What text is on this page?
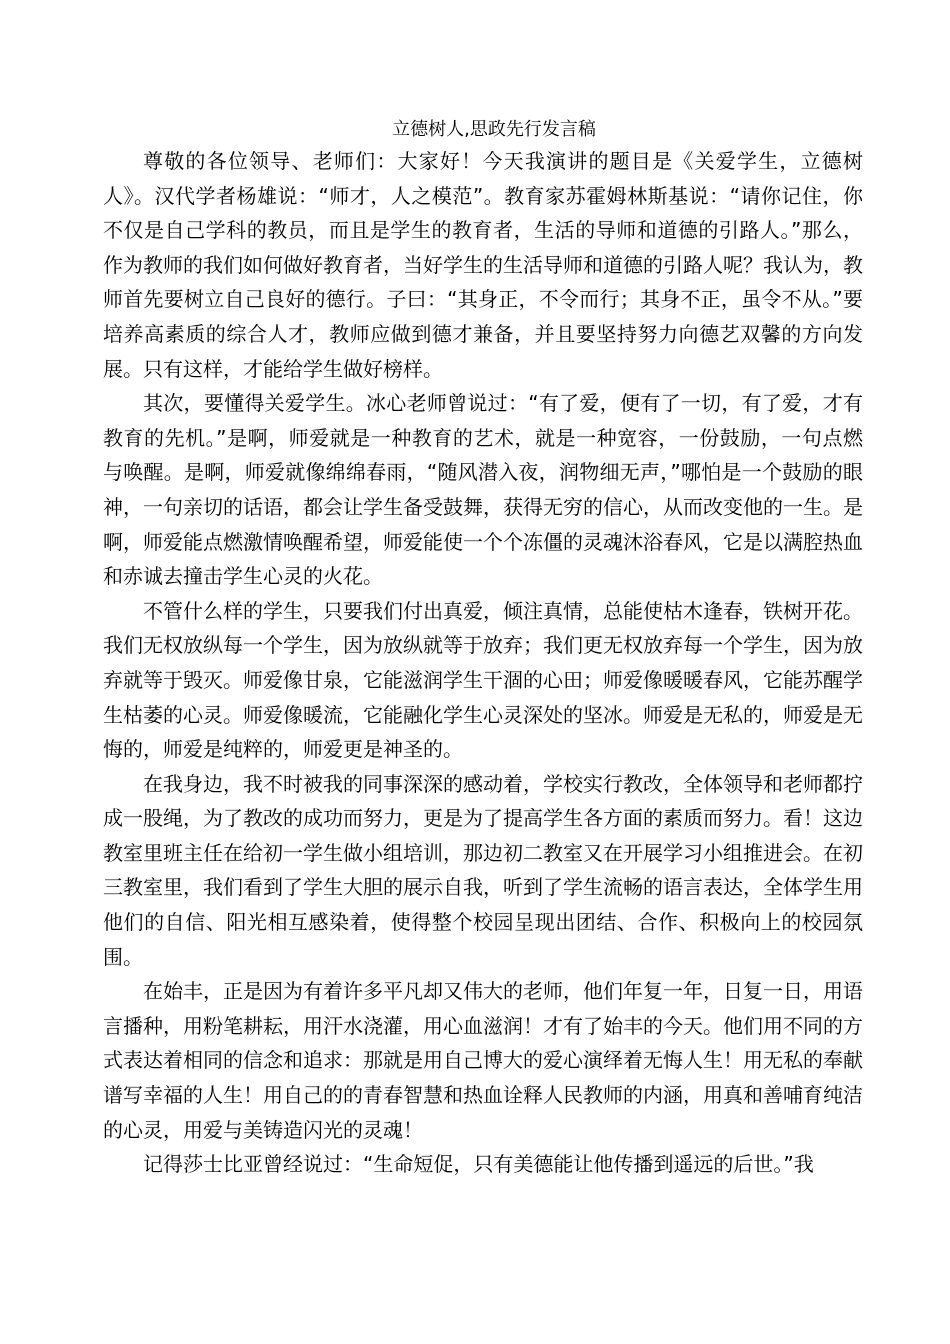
立德树人,思政先行发言稿

尊敬的各位领导、老师们：大家好！今天我演讲的题目是《关爱学生，立德树人》。汉代学者杨雄说：“师才，人之模范”。教育家苏霍姆林斯基说：“请你记住，你不仅是自己学科的教员，而且是学生的教育者，生活的导师和道德的引路人。”那么，作为教师的我们如何做好教育者，当好学生的生活导师和道德的引路人呢？我认为，教师首先要树立自己良好的德行。子曰：“其身正，不令而行；其身不正，虽令不从。”要培养高素质的综合人才，教师应做到德才兼备，并且要坚持努力向德艺双馨的方向发展。只有这样，才能给学生做好榜样。

其次，要懂得关爱学生。冰心老师曾说过：“有了爱，便有了一切，有了爱，才有教育的先机。”是啊，师爱就是一种教育的艺术，就是一种宽容，一份鼓励，一句点燃与唤醒。是啊，师爱就像绵绵春雨，“随风潜入夜，润物细无声，”哪怕是一个鼓励的眼神，一句亲切的话语，都会让学生备受鼓舞，获得无穷的信心，从而改变他的一生。是啊，师爱能点燃激情唤醒希望，师爱能使一个个冻僵的灵魂沐浴春风，它是以满腔热血和赤诚去撞击学生心灵的火花。

不管什么样的学生，只要我们付出真爱，倾注真情，总能使枯木逢春，铁树开花。我们无权放纵每一个学生，因为放纵就等于放弃；我们更无权放弃每一个学生，因为放弃就等于毁灭。师爱像甘泉，它能滋润学生干涸的心田；师爱像暖暖春风，它能苏醒学生枯萎的心灵。师爱像暖流，它能融化学生心灵深处的坚冰。师爱是无私的，师爱是无悔的，师爱是纯粹的，师爱更是神圣的。

在我身边，我不时被我的同事深深的感动着，学校实行教改，全体领导和老师都拧成一股绳，为了教改的成功而努力，更是为了提高学生各方面的素质而努力。看！这边教室里班主任在给初一学生做小组培训，那边初二教室又在开展学习小组推进会。在初三教室里，我们看到了学生大胆的展示自我，听到了学生流畅的语言表达，全体学生用他们的自信、阳光相互感染着，使得整个校园呈现出团结、合作、积极向上的校园氛围。

在始丰，正是因为有着许多平凡却又伟大的老师，他们年复一年，日复一日，用语言播种，用粉笔耕耘，用汗水浇灌，用心血滋润！才有了始丰的今天。他们用不同的方式表达着相同的信念和追求：那就是用自己博大的爱心演绎着无悔人生！用无私的奉献谱写幸福的人生！用自己的的青春智慧和热血诠释人民教师的内涵，用真和善哺育纯洁的心灵，用爱与美铸造闪光的灵魂！

记得莎士比亚曾经说过：“生命短促，只有美德能让他传播到遥远的后世。”我
